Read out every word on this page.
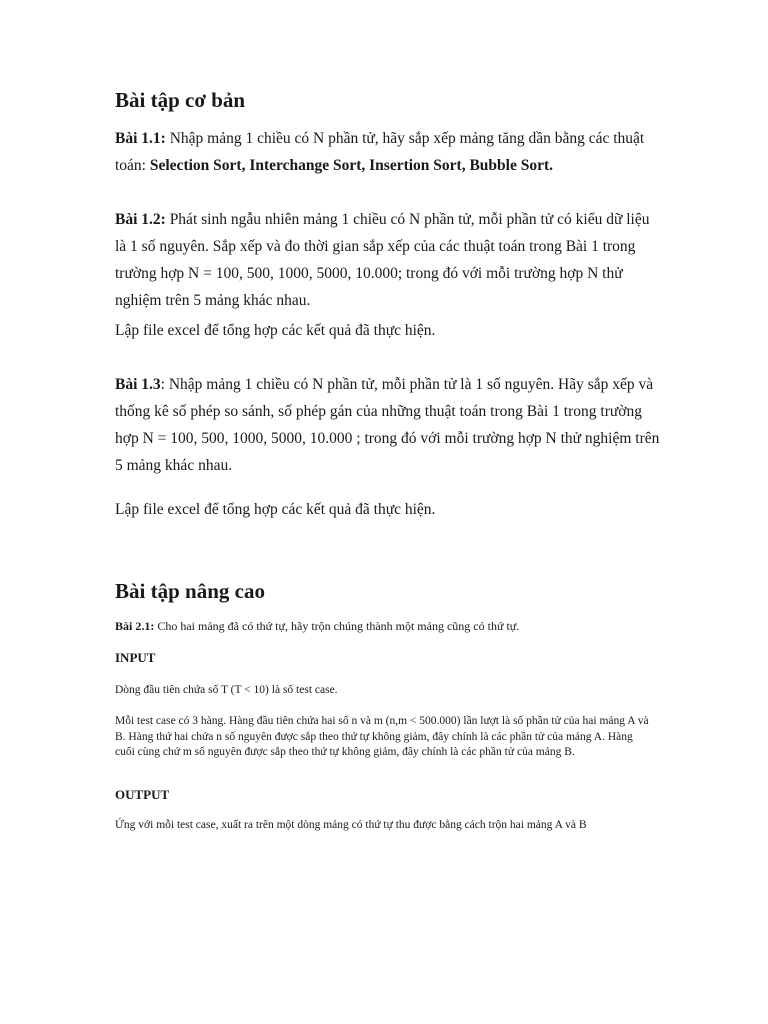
Bài tập cơ bản
Bài 1.1: Nhập mảng 1 chiều có N phần tử, hãy sắp xếp mảng tăng dần bằng các thuật toán: Selection Sort, Interchange Sort, Insertion Sort, Bubble Sort.
Bài 1.2: Phát sinh ngẫu nhiên mảng 1 chiều có N phần tử, mỗi phần tử có kiểu dữ liệu là 1 số nguyên. Sắp xếp và đo thời gian sắp xếp của các thuật toán trong Bài 1 trong trường hợp N = 100, 500, 1000, 5000, 10.000; trong đó với mỗi trường hợp N thử nghiệm trên 5 mảng khác nhau.
Lập file excel để tổng hợp các kết quả đã thực hiện.
Bài 1.3: Nhập mảng 1 chiều có N phần tử, mỗi phần tử là 1 số nguyên. Hãy sắp xếp và thống kê số phép so sánh, số phép gán của những thuật toán trong Bài 1 trong trường hợp N = 100, 500, 1000, 5000, 10.000 ; trong đó với mỗi trường hợp N thử nghiệm trên 5 mảng khác nhau.
Lập file excel để tổng hợp các kết quả đã thực hiện.
Bài tập nâng cao
Bài 2.1: Cho hai mảng đã có thứ tự, hãy trộn chúng thành một mảng cũng có thứ tự.
INPUT
Dòng đầu tiên chứa số T (T < 10) là số test case.
Mỗi test case có 3 hàng. Hàng đầu tiên chứa hai số n và m (n,m < 500.000) lần lượt là số phần tử của hai mảng A và B. Hàng thứ hai chứa n số nguyên được sắp theo thứ tự không giảm, đây chính là các phần tử của mảng A. Hàng cuối cùng chứ m số nguyên được sắp theo thứ tự không giảm, đây chính là các phần tử của mảng B.
OUTPUT
Ứng với mỗi test case, xuất ra trên một dòng mảng có thứ tự thu được bằng cách trộn hai mảng A và B
